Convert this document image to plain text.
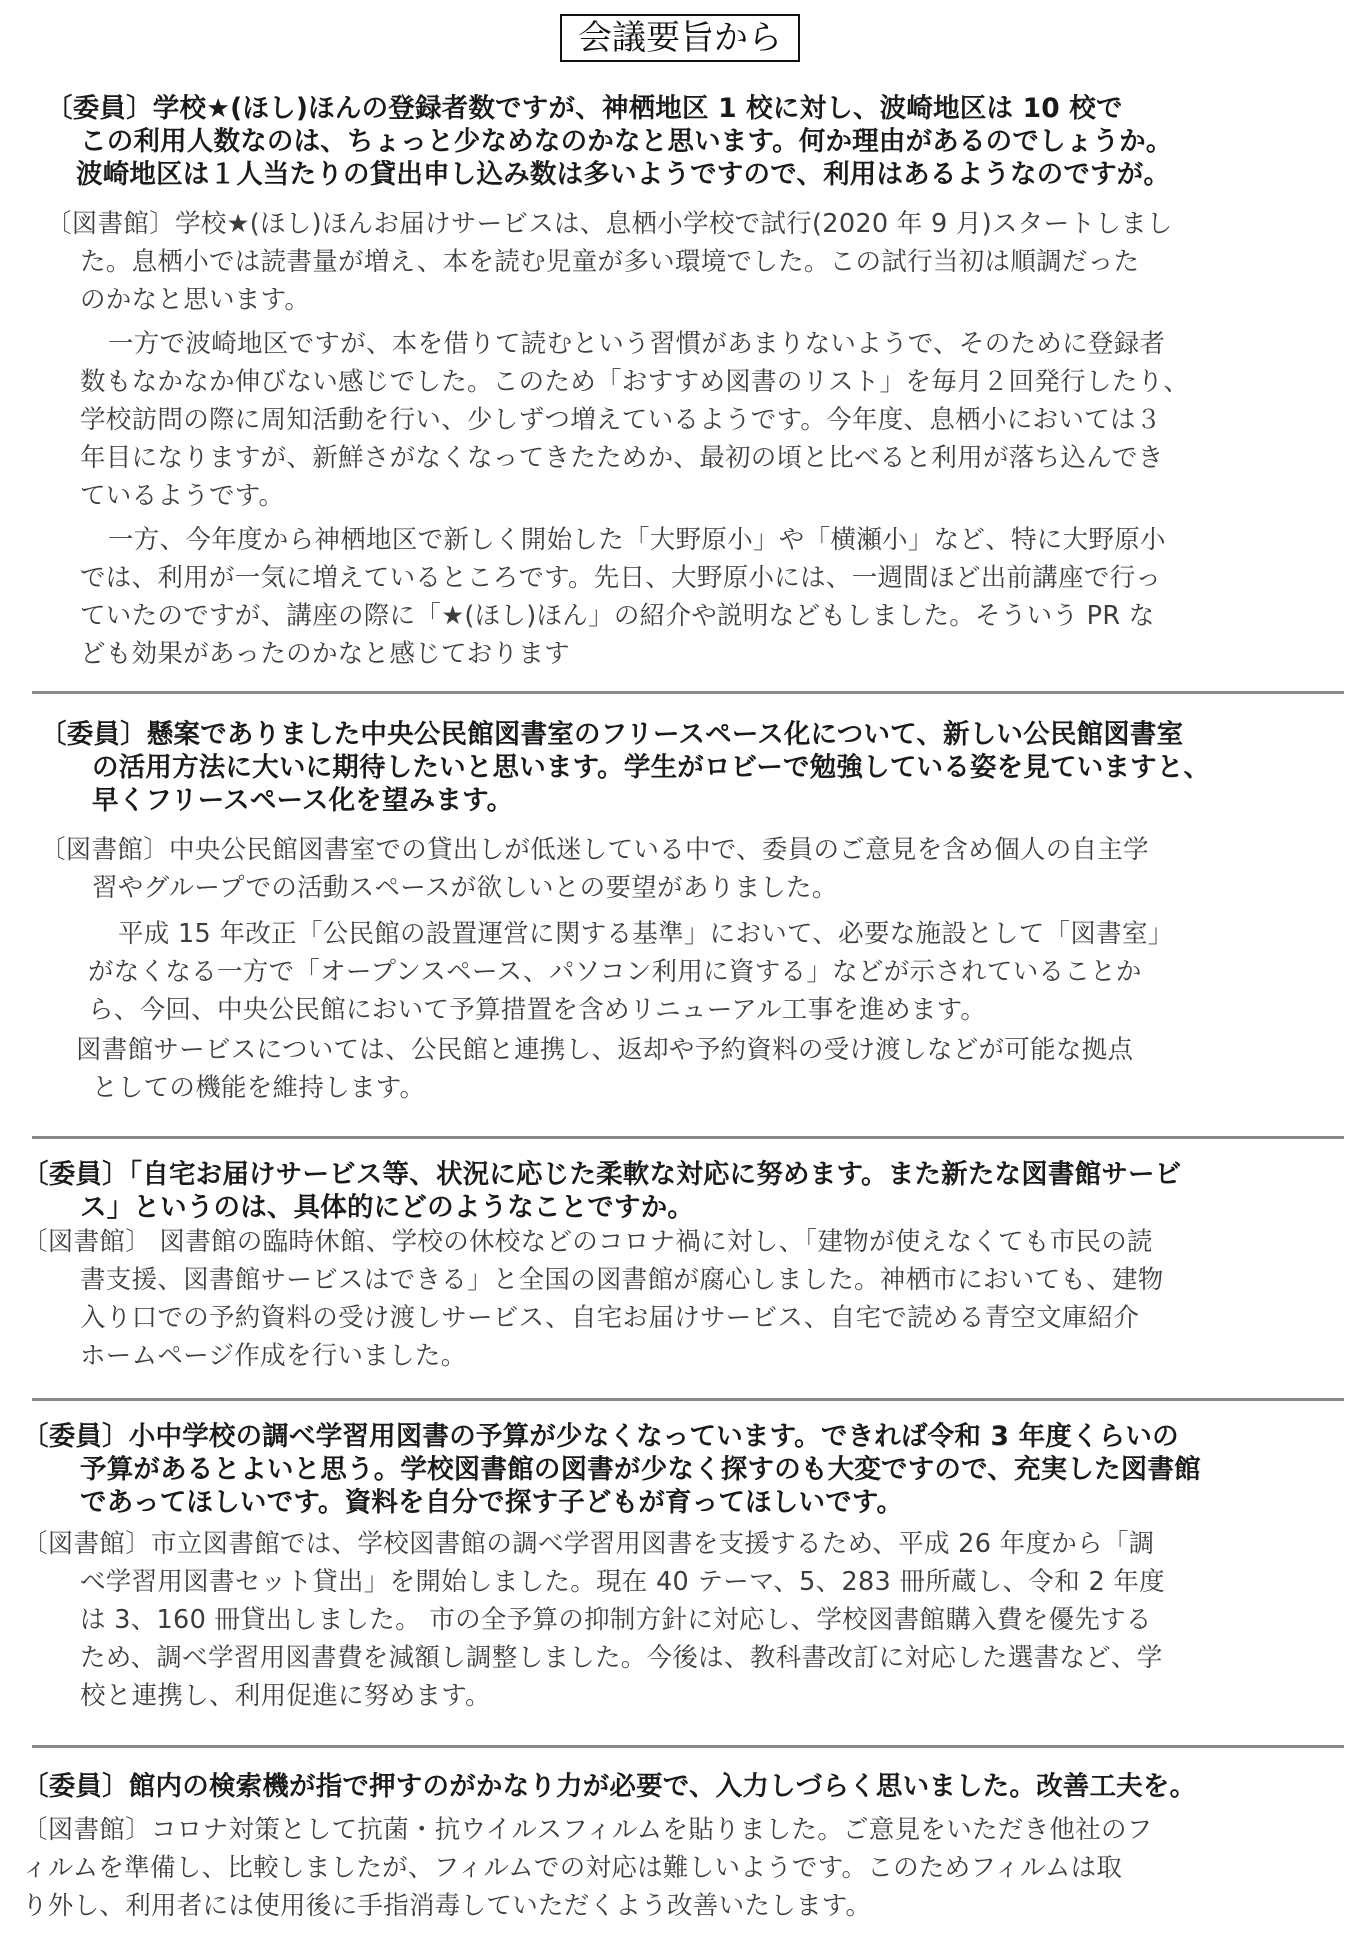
会議要旨から
〔委員〕学校★(ほし)ほんの登録者数ですが、神栖地区 1 校に対し、波崎地区は 10 校で
この利用人数なのは、ちょっと少なめなのかなと思います。何か理由があるのでしょうか。
波崎地区は１人当たりの貸出申し込み数は多いようですので、利用はあるようなのですが。
〔図書館〕学校★(ほし)ほんお届けサービスは、息栖小学校で試行(2020 年 9 月)スタートしまし
た。息栖小では読書量が増え、本を読む児童が多い環境でした。この試行当初は順調だった
のかなと思います。
一方で波崎地区ですが、本を借りて読むという習慣があまりないようで、そのために登録者
数もなかなか伸びない感じでした。このため「おすすめ図書のリスト」を毎月２回発行したり、
学校訪問の際に周知活動を行い、少しずつ増えているようです。今年度、息栖小においては３
年目になりますが、新鮮さがなくなってきたためか、最初の頃と比べると利用が落ち込んでき
ているようです。
一方、今年度から神栖地区で新しく開始した「大野原小」や「横瀬小」など、特に大野原小
では、利用が一気に増えているところです。先日、大野原小には、一週間ほど出前講座で行っ
ていたのですが、講座の際に「★(ほし)ほん」の紹介や説明などもしました。そういう PR な
ども効果があったのかなと感じております
〔委員〕懸案でありました中央公民館図書室のフリースペース化について、新しい公民館図書室
の活用方法に大いに期待したいと思います。学生がロビーで勉強している姿を見ていますと、
早くフリースペース化を望みます。
〔図書館〕中央公民館図書室での貸出しが低迷している中で、委員のご意見を含め個人の自主学
習やグループでの活動スペースが欲しいとの要望がありました。
平成 15 年改正「公民館の設置運営に関する基準」において、必要な施設として「図書室」
がなくなる一方で「オープンスペース、パソコン利用に資する」などが示されていることか
ら、今回、中央公民館において予算措置を含めリニューアル工事を進めます。
図書館サービスについては、公民館と連携し、返却や予約資料の受け渡しなどが可能な拠点
としての機能を維持します。
〔委員〕「自宅お届けサービス等、状況に応じた柔軟な対応に努めます。また新たな図書館サービ
ス」というのは、具体的にどのようなことですか。
〔図書館〕 図書館の臨時休館、学校の休校などのコロナ禍に対し、「建物が使えなくても市民の読
書支援、図書館サービスはできる」と全国の図書館が腐心しました。神栖市においても、建物
入り口での予約資料の受け渡しサービス、自宅お届けサービス、自宅で読める青空文庫紹介
ホームページ作成を行いました。
〔委員〕小中学校の調べ学習用図書の予算が少なくなっています。できれば令和 3 年度くらいの
予算があるとよいと思う。学校図書館の図書が少なく探すのも大変ですので、充実した図書館
であってほしいです。資料を自分で探す子どもが育ってほしいです。
〔図書館〕市立図書館では、学校図書館の調べ学習用図書を支援するため、平成 26 年度から「調
べ学習用図書セット貸出」を開始しました。現在 40 テーマ、5、283 冊所蔵し、令和 2 年度
は 3、160 冊貸出しました。 市の全予算の抑制方針に対応し、学校図書館購入費を優先する
ため、調べ学習用図書費を減額し調整しました。今後は、教科書改訂に対応した選書など、学
校と連携し、利用促進に努めます。
〔委員〕館内の検索機が指で押すのがかなり力が必要で、入力しづらく思いました。改善工夫を。
〔図書館〕コロナ対策として抗菌・抗ウイルスフィルムを貼りました。ご意見をいただき他社のフ
ィルムを準備し、比較しましたが、フィルムでの対応は難しいようです。このためフィルムは取
り外し、利用者には使用後に手指消毒していただくよう改善いたします。
